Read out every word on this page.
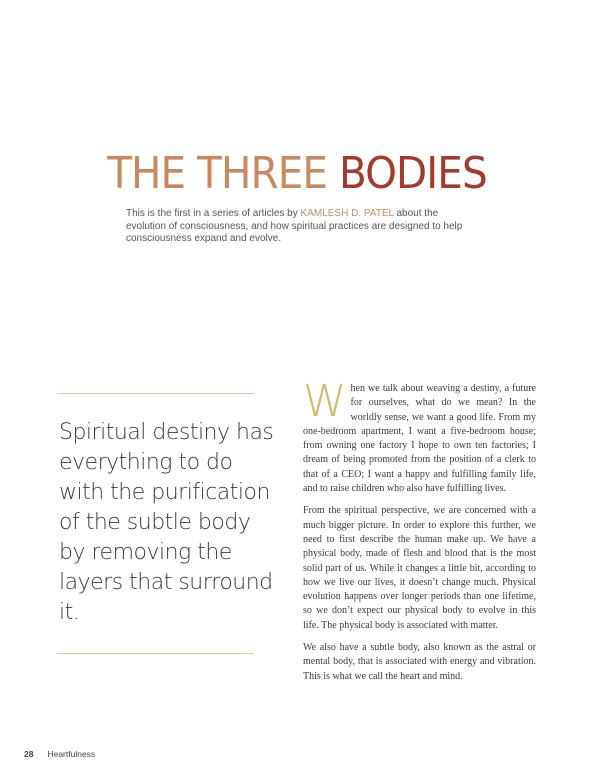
THE THREE BODIES

This is the first in a series of articles by KAMLESH D. PATEL about the evolution of consciousness, and how spiritual practices are designed to help consciousness expand and evolve.

Spiritual destiny has everything to do with the purification of the subtle body by removing the layers that surround it.

When we talk about weaving a destiny, a future for ourselves, what do we mean? In the worldly sense, we want a good life. From my one-bedroom apartment, I want a five-bedroom house; from owning one factory I hope to own ten factories; I dream of being promoted from the position of a clerk to that of a CEO; I want a happy and fulfilling family life, and to raise children who also have fulfilling lives.

From the spiritual perspective, we are concerned with a much bigger picture. In order to explore this further, we need to first describe the human make up. We have a physical body, made of flesh and blood that is the most solid part of us. While it changes a little bit, according to how we live our lives, it doesn’t change much. Physical evolution happens over longer periods than one lifetime, so we don’t expect our physical body to evolve in this life. The physical body is associated with matter.

We also have a subtle body, also known as the astral or mental body, that is associated with energy and vibration. This is what we call the heart and mind.

28 Heartfulness
